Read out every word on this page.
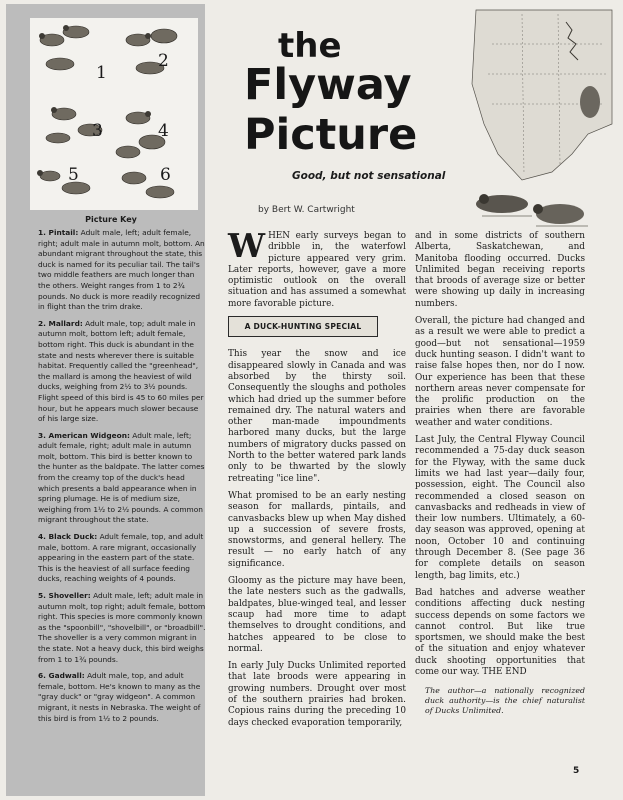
1
2
3	4
5	6
Picture Key
1. Pintail: Adult male, left; adult female, right; adult male in autumn molt, bottom. An abundant migrant throughout the state, this duck is named for its peculiar tail. The tail's two middle feathers are much longer than the others. Weight ranges from 1 to 2¾ pounds. No duck is more readily recognized in flight than the trim drake.
2. Mallard: Adult male, top; adult male in autumn molt, bottom left; adult female, bottom right. This duck is abundant in the state and nests wherever there is suitable habitat. Frequently called the "greenhead", the mallard is among the heaviest of wild ducks, weighing from 2½ to 3½ pounds. Flight speed of this bird is 45 to 60 miles per hour, but he appears much slower because of his large size.
3. American Widgeon: Adult male, left; adult female, right; adult male in autumn molt, bottom. This bird is better known to the hunter as the baldpate. The latter comes from the creamy top of the duck's head which presents a bald appearance when in spring plumage. He is of medium size, weighing from 1½ to 2½ pounds. A common migrant throughout the state.
4. Black Duck: Adult female, top, and adult male, bottom. A rare migrant, occasionally appearing in the eastern part of the state. This is the heaviest of all surface feeding ducks, reaching weights of 4 pounds.
5. Shoveller: Adult male, left; adult male in autumn molt, top right; adult female, bottom right. This species is more commonly known as the "spoonbill", "shovelbill", or "broadbill". The shoveller is a very common migrant in the state. Not a heavy duck, this bird weighs from 1 to 1¾ pounds.
6. Gadwall: Adult male, top, and adult female, bottom. He's known to many as the "gray duck" or "gray widgeon". A common migrant, it nests in Nebraska. The weight of this bird is from 1½ to 2 pounds.
the
Flyway
Picture
Good, but not sensational
by Bert W. Cartwright

WHEN early surveys began to dribble in, the waterfowl picture appeared very grim. Later reports, however, gave a more optimistic outlook on the overall situation and has assumed a somewhat more favorable picture.

A DUCK-HUNTING SPECIAL

This year the snow and ice disappeared slowly in Canada and was absorbed by the thirsty soil. Consequently the sloughs and potholes which had dried up the summer before remained dry. The natural waters and other man-made impoundments harbored many ducks, but the large numbers of migratory ducks passed on North to the better watered park lands only to be thwarted by the slowly retreating "ice line".

What promised to be an early nesting season for mallards, pintails, and canvasbacks blew up when May dished up a succession of severe frosts, snowstorms, and general hellery. The result — no early hatch of any significance.

Gloomy as the picture may have been, the late nesters such as the gadwalls, baldpates, blue-winged teal, and lesser scaup had more time to adapt themselves to drought conditions, and hatches appeared to be close to normal.

In early July Ducks Unlimited reported that late broods were appearing in growing numbers. Drought over most of the southern prairies had broken. Copious rains during the preceding 10 days checked evaporation temporarily,

and in some districts of southern Alberta, Saskatchewan, and Manitoba flooding occurred. Ducks Unlimited began receiving reports that broods of average size or better were showing up daily in increasing numbers.

Overall, the picture had changed and as a result we were able to predict a good—but not sensational—1959 duck hunting season. I didn't want to raise false hopes then, nor do I now. Our experience has been that these northern areas never compensate for the prolific production on the prairies when there are favorable weather and water conditions.

Last July, the Central Flyway Council recommended a 75-day duck season for the Flyway, with the same duck limits we had last year—daily four, possession, eight. The Council also recommended a closed season on canvasbacks and redheads in view of their low numbers. Ultimately, a 60-day season was approved, opening at noon, October 10 and continuing through December 8. (See page 36 for complete details on season length, bag limits, etc.)

Bad hatches and adverse weather conditions affecting duck nesting success depends on some factors we cannot control. But like true sportsmen, we should make the best of the situation and enjoy whatever duck shooting opportunities that come our way. THE END

The author—a nationally recognized duck authority—is the chief naturalist of Ducks Unlimited.

5
